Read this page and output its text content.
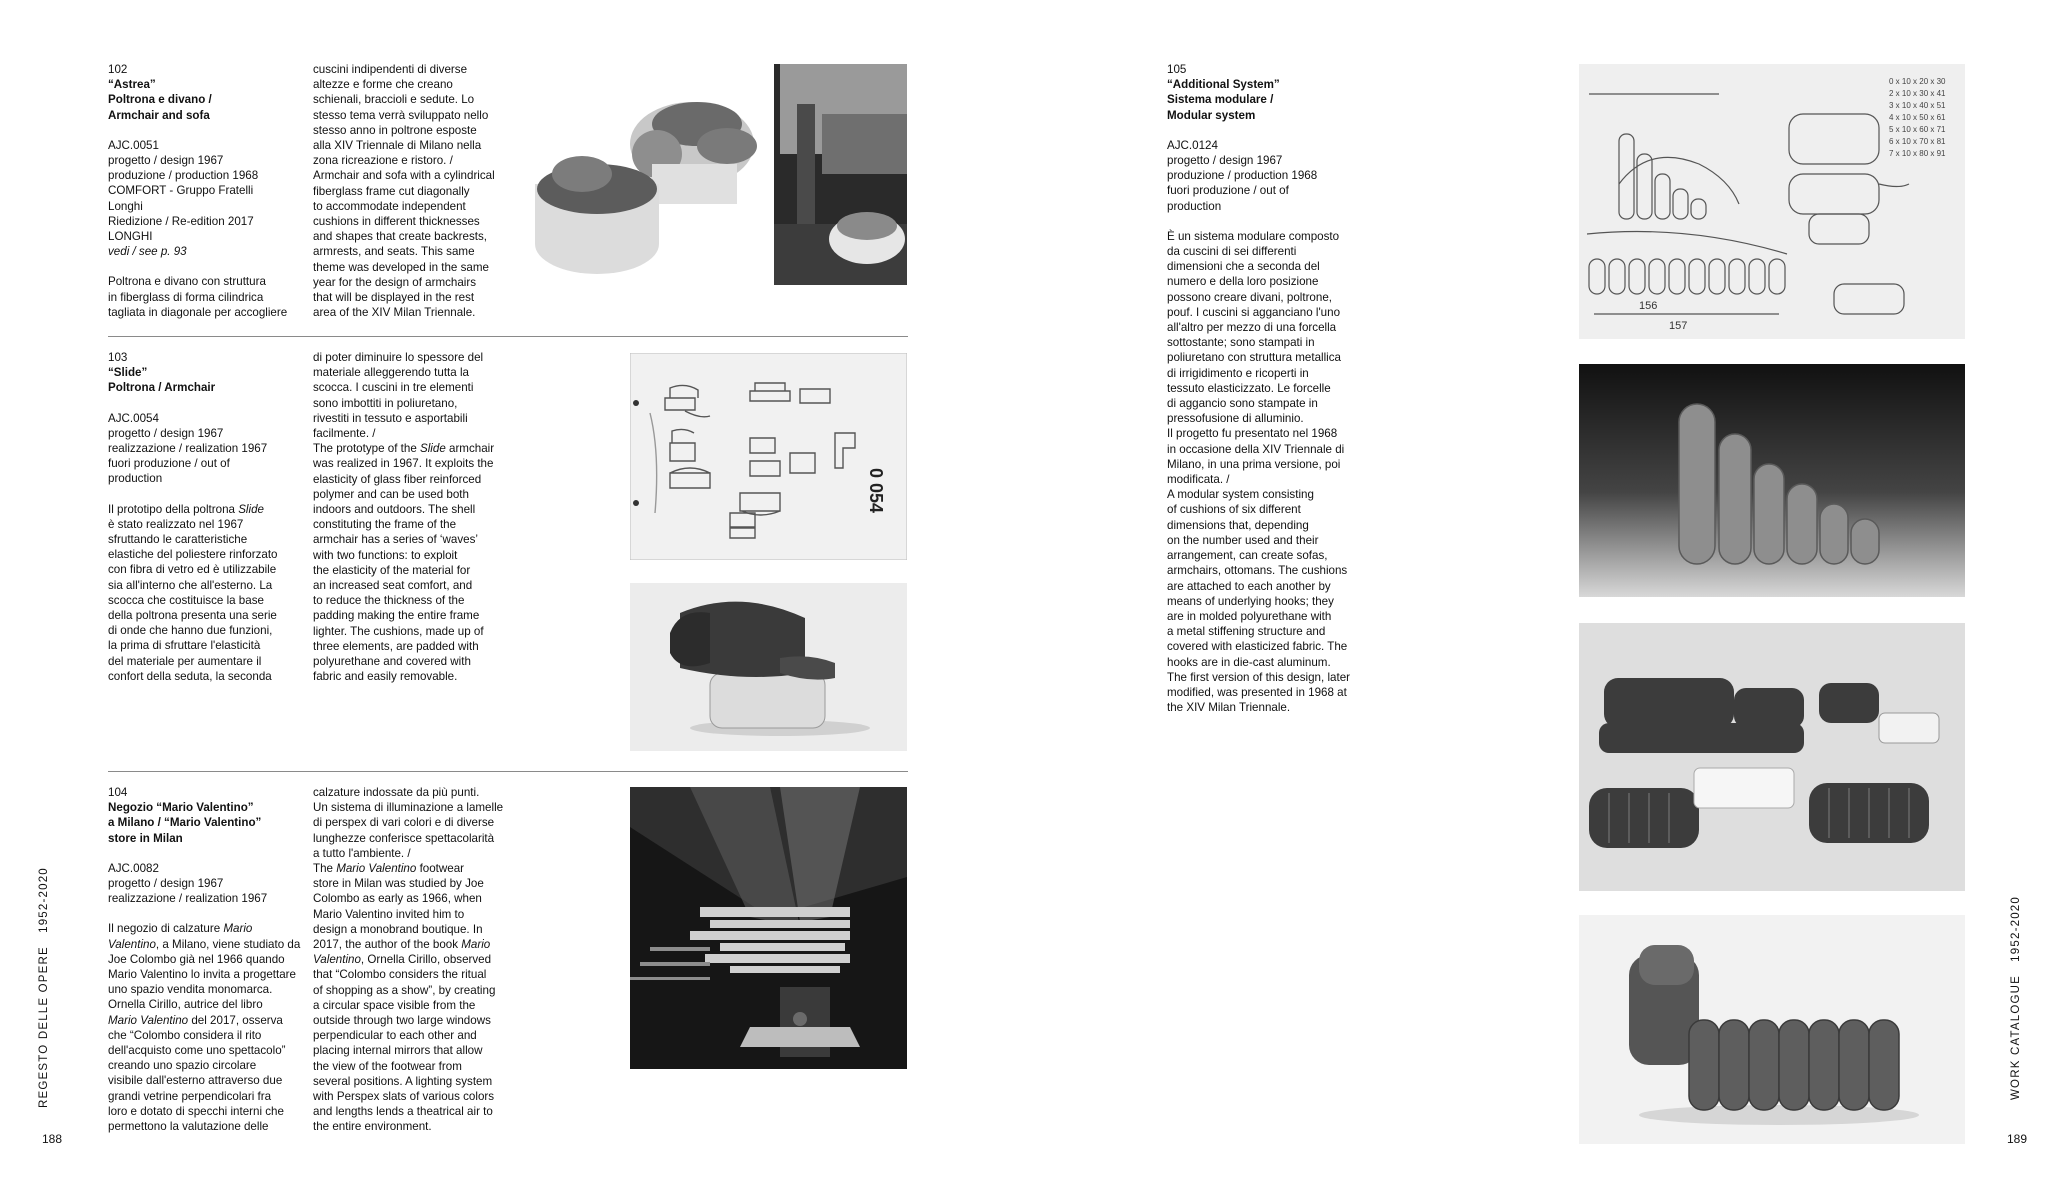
102

“Astrea”

Poltrona e divano /

Armchair and sofa

AJC.0051

progetto / design 1967

produzione / production 1968

COMFORT - Gruppo Fratelli

Longhi

Riedizione / Re-edition 2017

LONGHI

vedi / see p. 93

Poltrona e divano con struttura

in fiberglass di forma cilindrica

tagliata in diagonale per accogliere

cuscini indipendenti di diverse

altezze e forme che creano

schienali, braccioli e sedute. Lo

stesso tema verrà sviluppato nello

stesso anno in poltrone esposte

alla XIV Triennale di Milano nella

zona ricreazione e ristoro. /

Armchair and sofa with a cylindrical

fiberglass frame cut diagonally

to accommodate independent

cushions in different thicknesses

and shapes that create backrests,

armrests, and seats. This same

theme was developed in the same

year for the design of armchairs

that will be displayed in the rest

area of the XIV Milan Triennale.

103

“Slide”

Poltrona / Armchair

AJC.0054

progetto / design 1967

realizzazione / realization 1967

fuori produzione / out of

production

Il prototipo della poltrona Slide

è stato realizzato nel 1967

sfruttando le caratteristiche

elastiche del poliestere rinforzato

con fibra di vetro ed è utilizzabile

sia all'interno che all'esterno. La

scocca che costituisce la base

della poltrona presenta una serie

di onde che hanno due funzioni,

la prima di sfruttare l'elasticità

del materiale per aumentare il

confort della seduta, la seconda

di poter diminuire lo spessore del

materiale alleggerendo tutta la

scocca. I cuscini in tre elementi

sono imbottiti in poliuretano,

rivestiti in tessuto e asportabili

facilmente. /

The prototype of the Slide armchair

was realized in 1967. It exploits the

elasticity of glass fiber reinforced

polymer and can be used both

indoors and outdoors. The shell

constituting the frame of the

armchair has a series of ‘waves’

with two functions: to exploit

the elasticity of the material for

an increased seat comfort, and

to reduce the thickness of the

padding making the entire frame

lighter. The cushions, made up of

three elements, are padded with

polyurethane and covered with

fabric and easily removable.

0 054

104

Negozio “Mario Valentino”

a Milano / “Mario Valentino”

store in Milan

AJC.0082

progetto / design 1967

realizzazione / realization 1967

Il negozio di calzature Mario

Valentino, a Milano, viene studiato da

Joe Colombo già nel 1966 quando

Mario Valentino lo invita a progettare

uno spazio vendita monomarca.

Ornella Cirillo, autrice del libro

Mario Valentino del 2017, osserva

che “Colombo considera il rito

dell'acquisto come uno spettacolo”

creando uno spazio circolare

visibile dall'esterno attraverso due

grandi vetrine perpendicolari fra

loro e dotato di specchi interni che

permettono la valutazione delle

calzature indossate da più punti.

Un sistema di illuminazione a lamelle

di perspex di vari colori e di diverse

lunghezze conferisce spettacolarità

a tutto l'ambiente. /

The Mario Valentino footwear

store in Milan was studied by Joe

Colombo as early as 1966, when

Mario Valentino invited him to

design a monobrand boutique. In

2017, the author of the book Mario

Valentino, Ornella Cirillo, observed

that “Colombo considers the ritual

of shopping as a show”, by creating

a circular space visible from the

outside through two large windows

perpendicular to each other and

placing internal mirrors that allow

the view of the footwear from

several positions. A lighting system

with Perspex slats of various colors

and lengths lends a theatrical air to

the entire environment.

REGESTO DELLE OPERE   1952-2020
188

105

“Additional System”

Sistema modulare /

Modular system

AJC.0124

progetto / design 1967

produzione / production 1968

fuori produzione / out of

production

È un sistema modulare composto

da cuscini di sei differenti

dimensioni che a seconda del

numero e della loro posizione

possono creare divani, poltrone,

pouf. I cuscini si agganciano l'uno

all'altro per mezzo di una forcella

sottostante; sono stampati in

poliuretano con struttura metallica

di irrigidimento e ricoperti in

tessuto elasticizzato. Le forcelle

di aggancio sono stampate in

pressofusione di alluminio.

Il progetto fu presentato nel 1968

in occasione della XIV Triennale di

Milano, in una prima versione, poi

modificata. /

A modular system consisting

of cushions of six different

dimensions that, depending

on the number used and their

arrangement, can create sofas,

armchairs, ottomans. The cushions

are attached to each another by

means of underlying hooks; they

are in molded polyurethane with

a metal stiffening structure and

covered with elasticized fabric. The

hooks are in die-cast aluminum.

The first version of this design, later

modified, was presented in 1968 at

the XIV Milan Triennale.

0 x 10 x 20 x 30
2 x 10 x 30 x 41
3 x 10 x 40 x 51
4 x 10 x 50 x 61
5 x 10 x 60 x 71
6 x 10 x 70 x 81
7 x 10 x 80 x 91
156
157
WORK CATALOGUE   1952-2020
189
